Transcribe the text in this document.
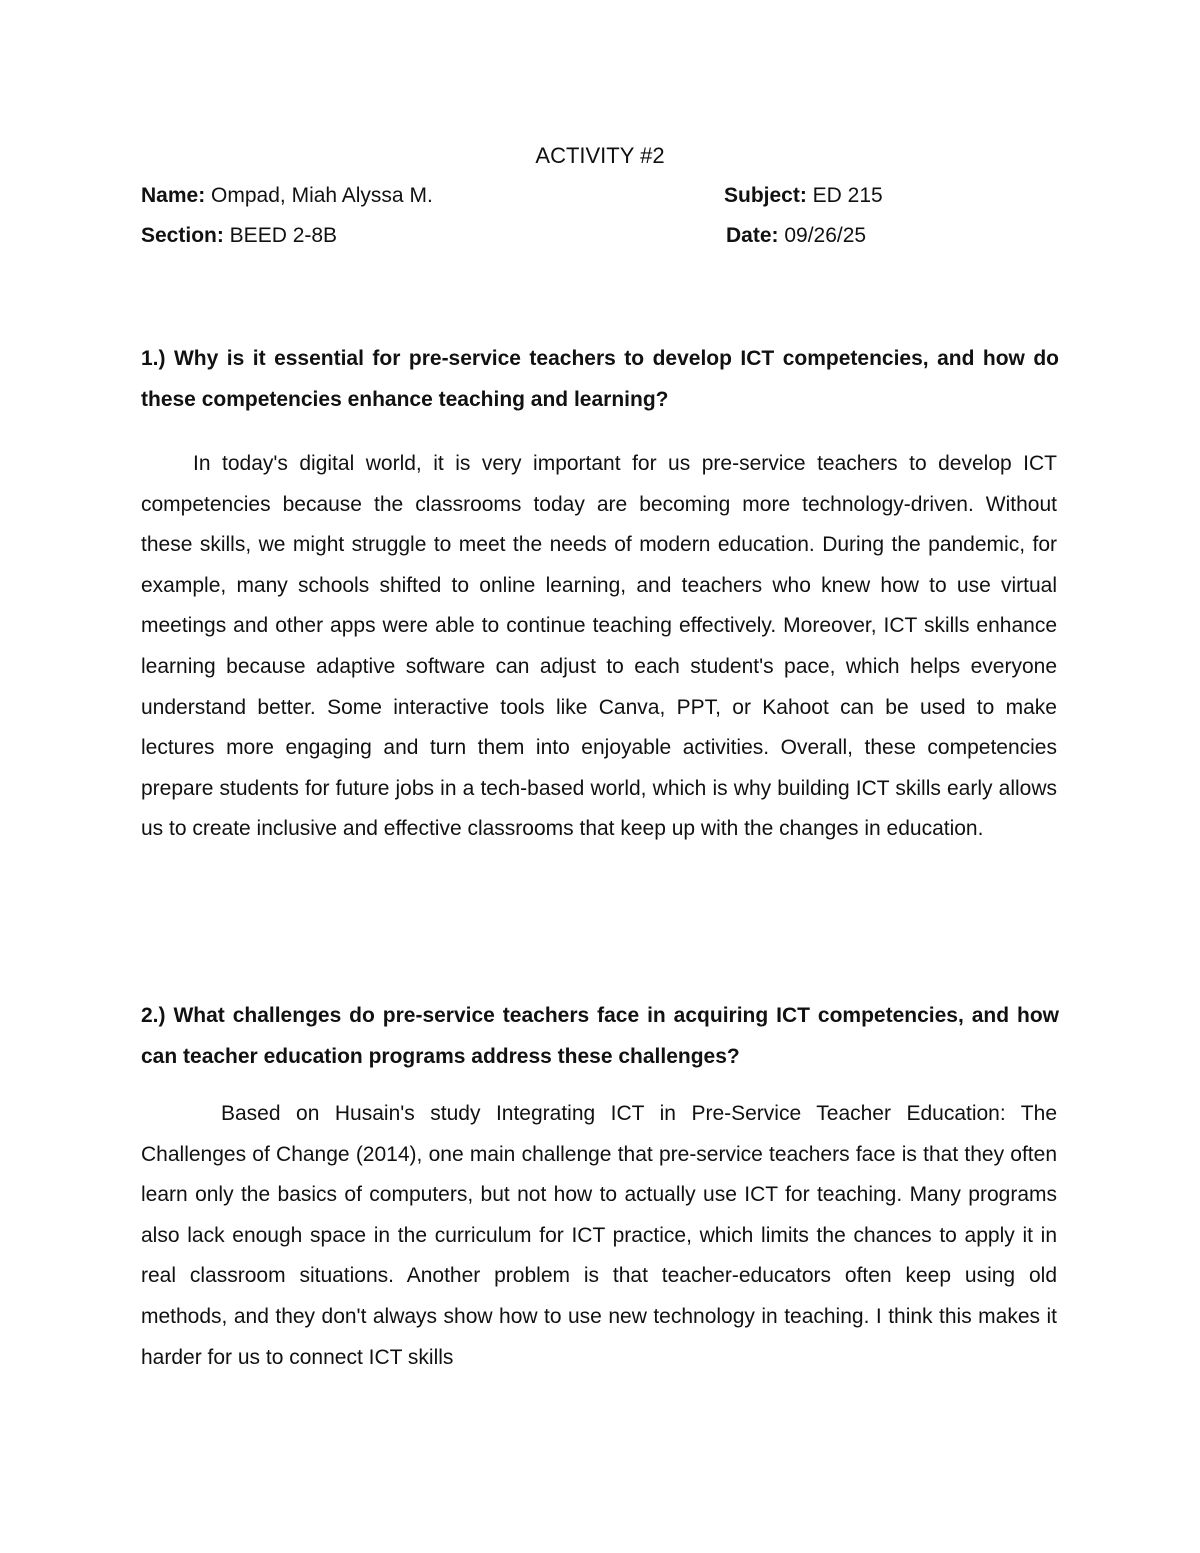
ACTIVITY #2
Name: Ompad, Miah Alyssa M.	Subject: ED 215
Section: BEED 2-8B	Date: 09/26/25
1.) Why is it essential for pre-service teachers to develop ICT competencies, and how do these competencies enhance teaching and learning?
In today's digital world, it is very important for us pre-service teachers to develop ICT competencies because the classrooms today are becoming more technology-driven. Without these skills, we might struggle to meet the needs of modern education. During the pandemic, for example, many schools shifted to online learning, and teachers who knew how to use virtual meetings and other apps were able to continue teaching effectively. Moreover, ICT skills enhance learning because adaptive software can adjust to each student's pace, which helps everyone understand better. Some interactive tools like Canva, PPT, or Kahoot can be used to make lectures more engaging and turn them into enjoyable activities. Overall, these competencies prepare students for future jobs in a tech-based world, which is why building ICT skills early allows us to create inclusive and effective classrooms that keep up with the changes in education.
2.) What challenges do pre-service teachers face in acquiring ICT competencies, and how can teacher education programs address these challenges?
Based on Husain's study Integrating ICT in Pre-Service Teacher Education: The Challenges of Change (2014), one main challenge that pre-service teachers face is that they often learn only the basics of computers, but not how to actually use ICT for teaching. Many programs also lack enough space in the curriculum for ICT practice, which limits the chances to apply it in real classroom situations. Another problem is that teacher-educators often keep using old methods, and they don't always show how to use new technology in teaching. I think this makes it harder for us to connect ICT skills
